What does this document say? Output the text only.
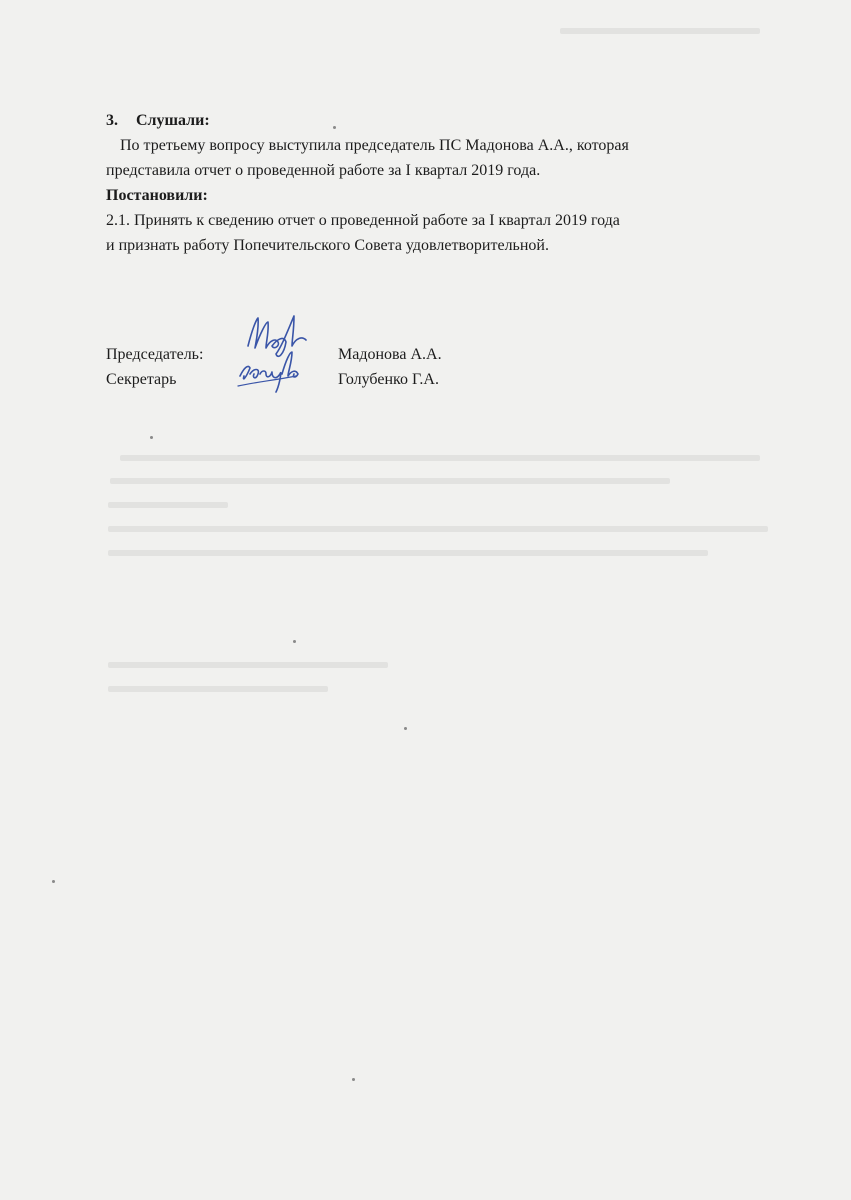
3. Слушали:

По третьему вопросу выступила председатель ПС Мадонова А.А., которая

представила отчет о проведенной работе за I квартал 2019 года.

Постановили:

2.1. Принять к сведению отчет о проведенной работе за I квартал 2019 года

и признать работу Попечительского Совета удовлетворительной.

Председатель:	Мадонова А.А.
Секретарь	Голубенко Г.А.
